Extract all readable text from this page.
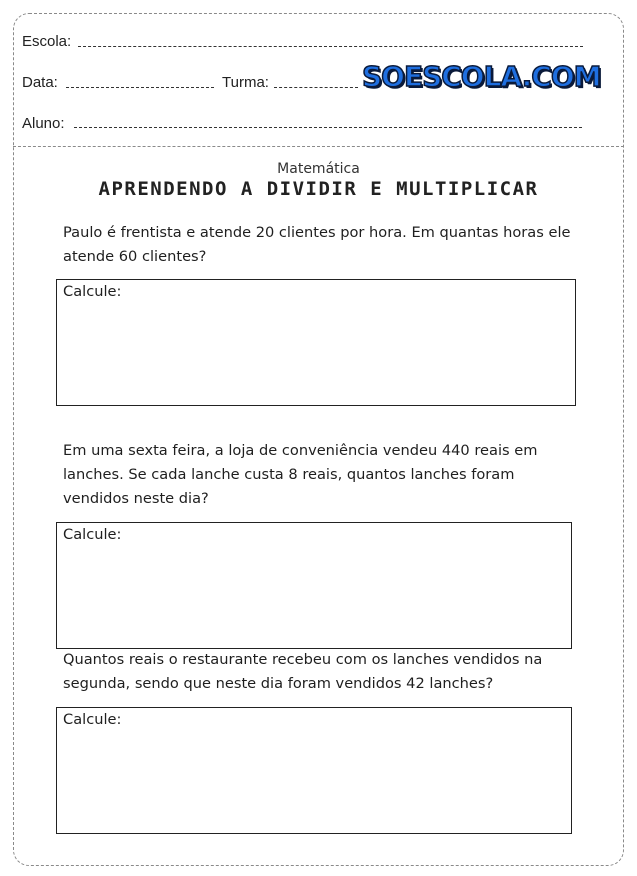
Escola:
Data:	Turma:	SOESCOLA.COM
Aluno:
Matemática
APRENDENDO A DIVIDIR E MULTIPLICAR
Paulo é frentista e atende 20 clientes por hora. Em quantas horas ele atende 60 clientes?
Calcule:
Em uma sexta feira, a loja de conveniência vendeu 440 reais em lanches. Se cada lanche custa 8 reais, quantos lanches foram vendidos neste dia?
Calcule:
Quantos reais o restaurante recebeu com os lanches vendidos na segunda, sendo que neste dia foram vendidos 42 lanches?
Calcule:
